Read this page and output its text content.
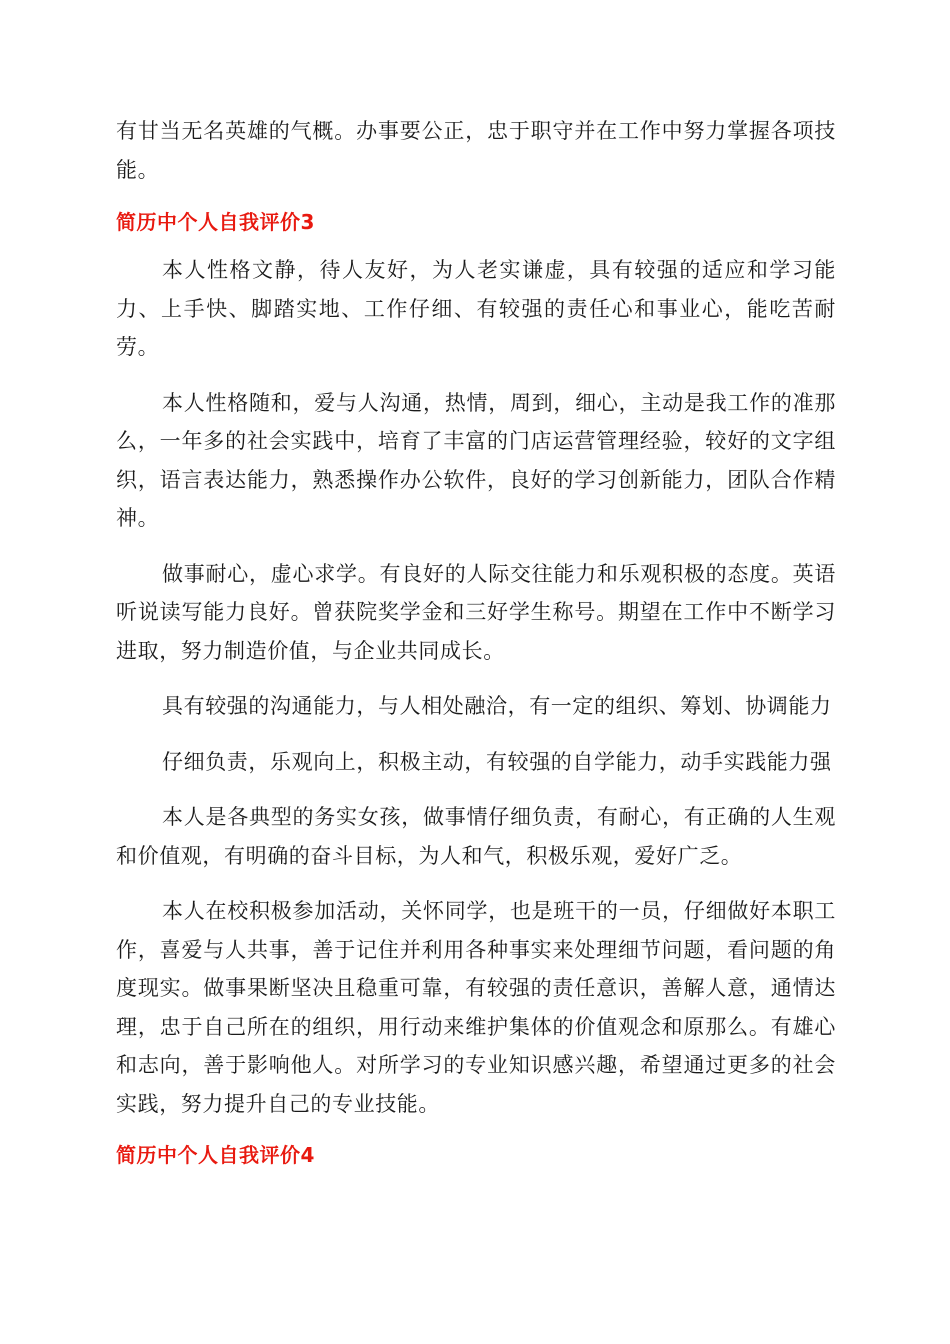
有甘当无名英雄的气概。办事要公正，忠于职守并在工作中努力掌握各项技能。

简历中个人自我评价3

本人性格文静，待人友好，为人老实谦虚，具有较强的适应和学习能力、上手快、脚踏实地、工作仔细、有较强的责任心和事业心，能吃苦耐劳。

本人性格随和，爱与人沟通，热情，周到，细心，主动是我工作的准那么，一年多的社会实践中，培育了丰富的门店运营管理经验，较好的文字组织，语言表达能力，熟悉操作办公软件，良好的学习创新能力，团队合作精神。

做事耐心，虚心求学。有良好的人际交往能力和乐观积极的态度。英语听说读写能力良好。曾获院奖学金和三好学生称号。期望在工作中不断学习进取，努力制造价值，与企业共同成长。

具有较强的沟通能力，与人相处融洽，有一定的组织、筹划、协调能力

仔细负责，乐观向上，积极主动，有较强的自学能力，动手实践能力强

本人是各典型的务实女孩，做事情仔细负责，有耐心，有正确的人生观和价值观，有明确的奋斗目标，为人和气，积极乐观，爱好广乏。

本人在校积极参加活动，关怀同学，也是班干的一员，仔细做好本职工作，喜爱与人共事，善于记住并利用各种事实来处理细节问题，看问题的角度现实。做事果断坚决且稳重可靠，有较强的责任意识，善解人意，通情达理，忠于自己所在的组织，用行动来维护集体的价值观念和原那么。有雄心和志向，善于影响他人。对所学习的专业知识感兴趣，希望通过更多的社会实践，努力提升自己的专业技能。

简历中个人自我评价4
